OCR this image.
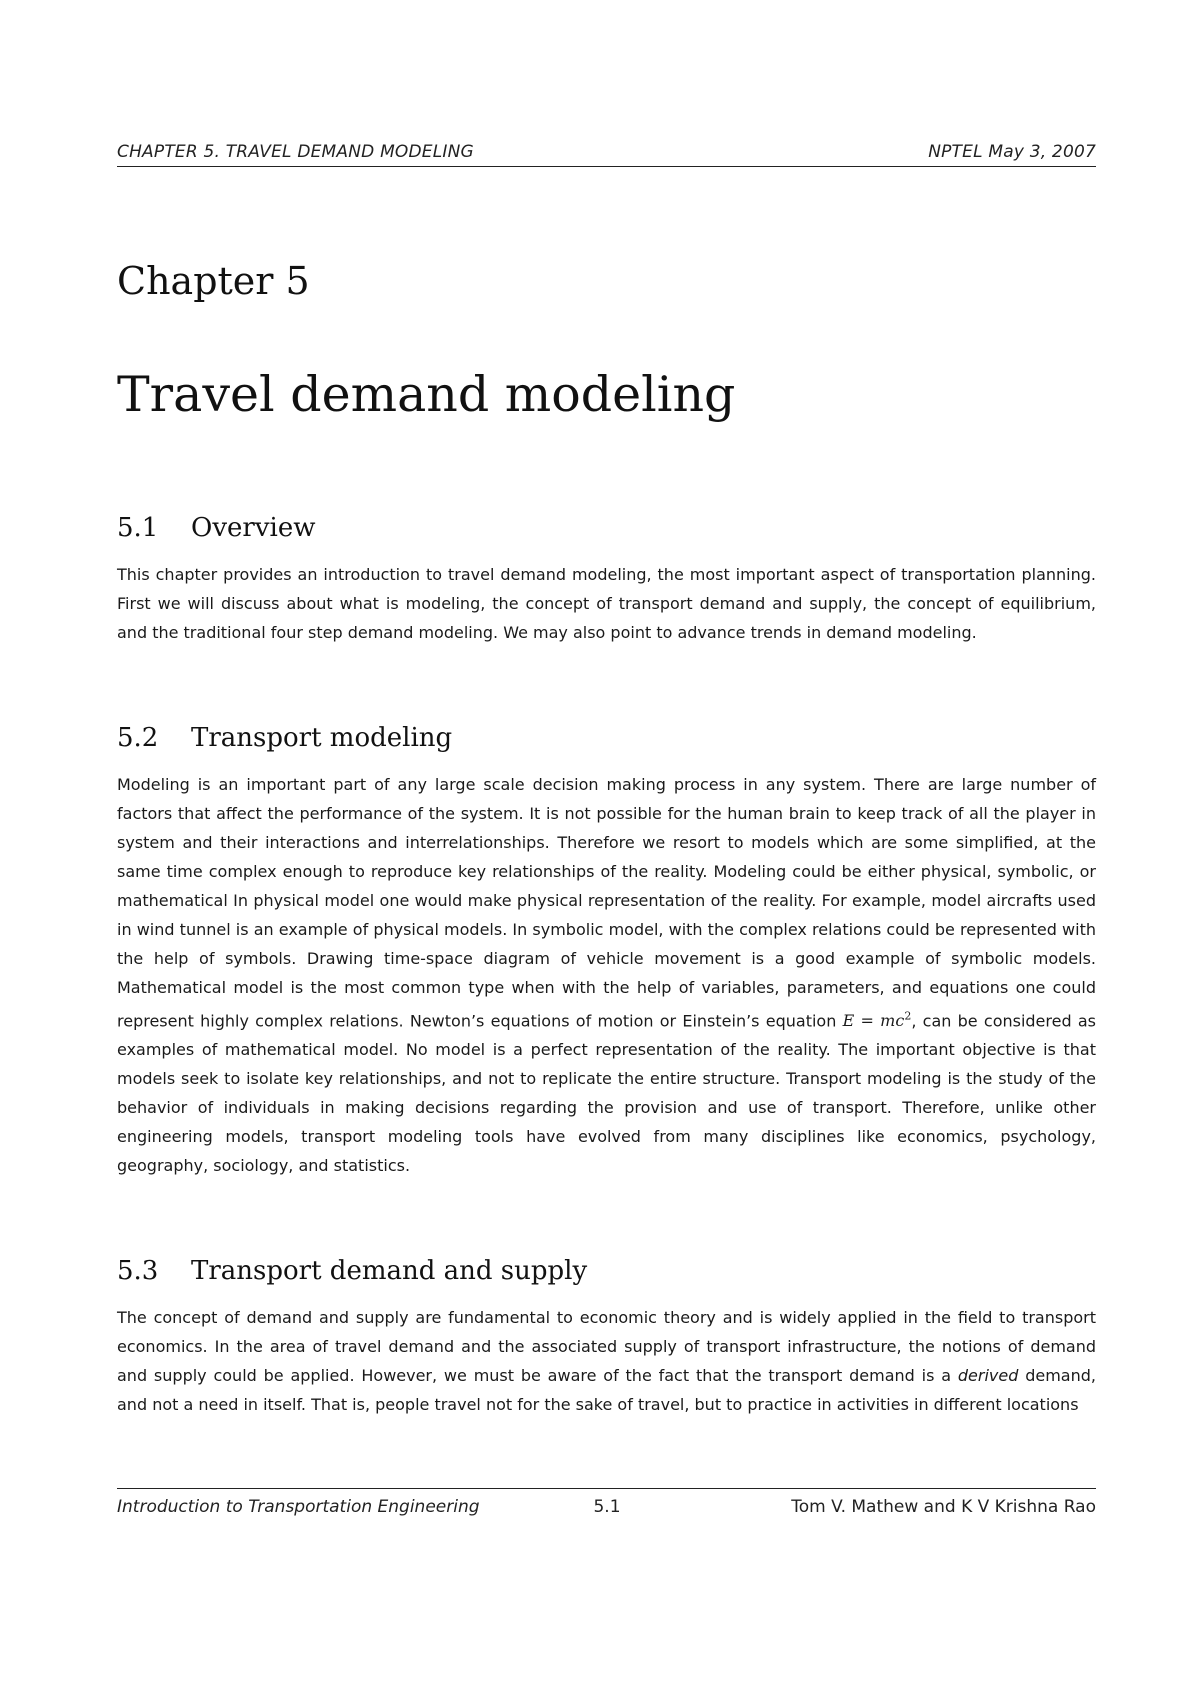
CHAPTER 5. TRAVEL DEMAND MODELING	NPTEL May 3, 2007
Chapter 5
Travel demand modeling
5.1 Overview

This chapter provides an introduction to travel demand modeling, the most important aspect of transportation planning. First we will discuss about what is modeling, the concept of transport demand and supply, the concept of equilibrium, and the traditional four step demand modeling. We may also point to advance trends in demand modeling.

5.2 Transport modeling

Modeling is an important part of any large scale decision making process in any system. There are large number of factors that affect the performance of the system. It is not possible for the human brain to keep track of all the player in system and their interactions and interrelationships. Therefore we resort to models which are some simplified, at the same time complex enough to reproduce key relationships of the reality. Modeling could be either physical, symbolic, or mathematical In physical model one would make physical representation of the reality. For example, model aircrafts used in wind tunnel is an example of physical models. In symbolic model, with the complex relations could be represented with the help of symbols. Drawing time-space diagram of vehicle movement is a good example of symbolic models. Mathematical model is the most common type when with the help of variables, parameters, and equations one could represent highly complex relations. Newton’s equations of motion or Einstein’s equation $E = mc^2$, can be considered as examples of mathematical model. No model is a perfect representation of the reality. The important objective is that models seek to isolate key relationships, and not to replicate the entire structure. Transport modeling is the study of the behavior of individuals in making decisions regarding the provision and use of transport. Therefore, unlike other engineering models, transport modeling tools have evolved from many disciplines like economics, psychology, geography, sociology, and statistics.

5.3 Transport demand and supply

The concept of demand and supply are fundamental to economic theory and is widely applied in the field to transport economics. In the area of travel demand and the associated supply of transport infrastructure, the notions of demand and supply could be applied. However, we must be aware of the fact that the transport demand is a derived demand, and not a need in itself. That is, people travel not for the sake of travel, but to practice in activities in different locations

Introduction to Transportation Engineering	5.1	Tom V. Mathew and K V Krishna Rao
